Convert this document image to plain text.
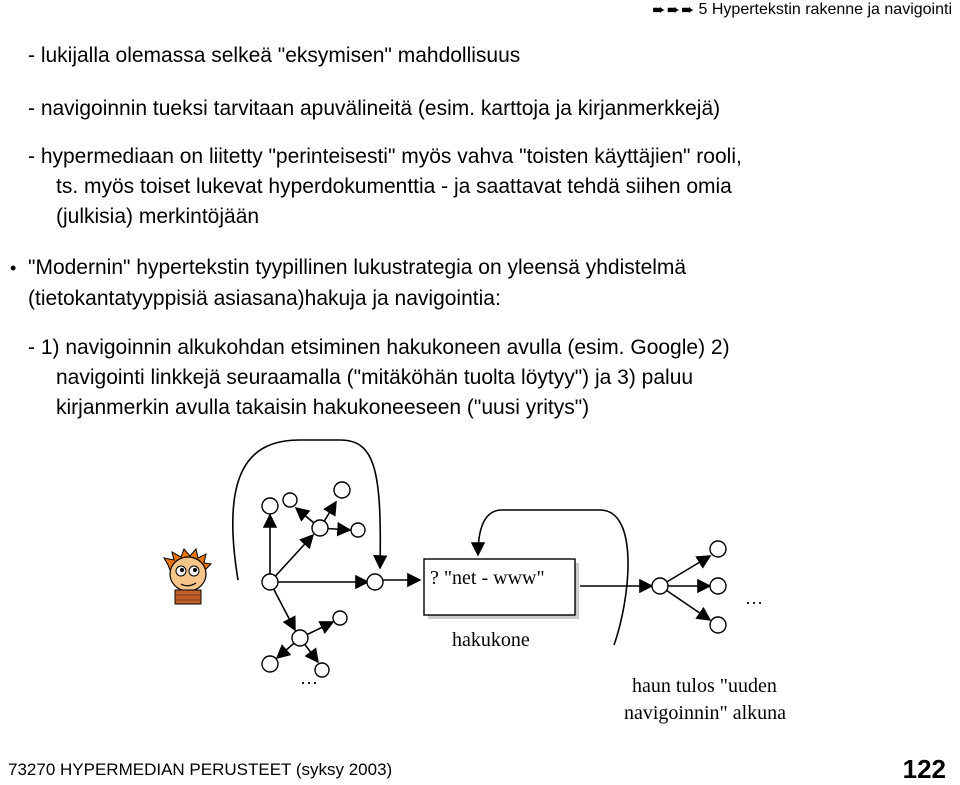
➨➨➨ 5 Hypertekstin rakenne ja navigointi
- lukijalla olemassa selkeä "eksymisen" mahdollisuus
- navigoinnin tueksi tarvitaan apuvälineitä (esim. karttoja ja kirjanmerkkejä)
- hypermediaan on liitetty "perinteisesti" myös vahva "toisten käyttäjien" rooli,
ts. myös toiset lukevat hyperdokumenttia - ja saattavat tehdä siihen omia
(julkisia) merkintöjään
• "Modernin" hypertekstin tyypillinen lukustrategia on yleensä yhdistelmä
(tietokantatyyppisiä asiasana)hakuja ja navigointia:
- 1) navigoinnin alkukohdan etsiminen hakukoneen avulla (esim. Google) 2)
navigointi linkkejä seuraamalla ("mitäköhän tuolta löytyy") ja 3) paluu
kirjanmerkin avulla takaisin hakukoneeseen ("uusi yritys")
? "net - www"
hakukone
…
…
haun tulos "uuden
navigoinnin" alkuna
73270 HYPERMEDIAN PERUSTEET (syksy 2003)	122
